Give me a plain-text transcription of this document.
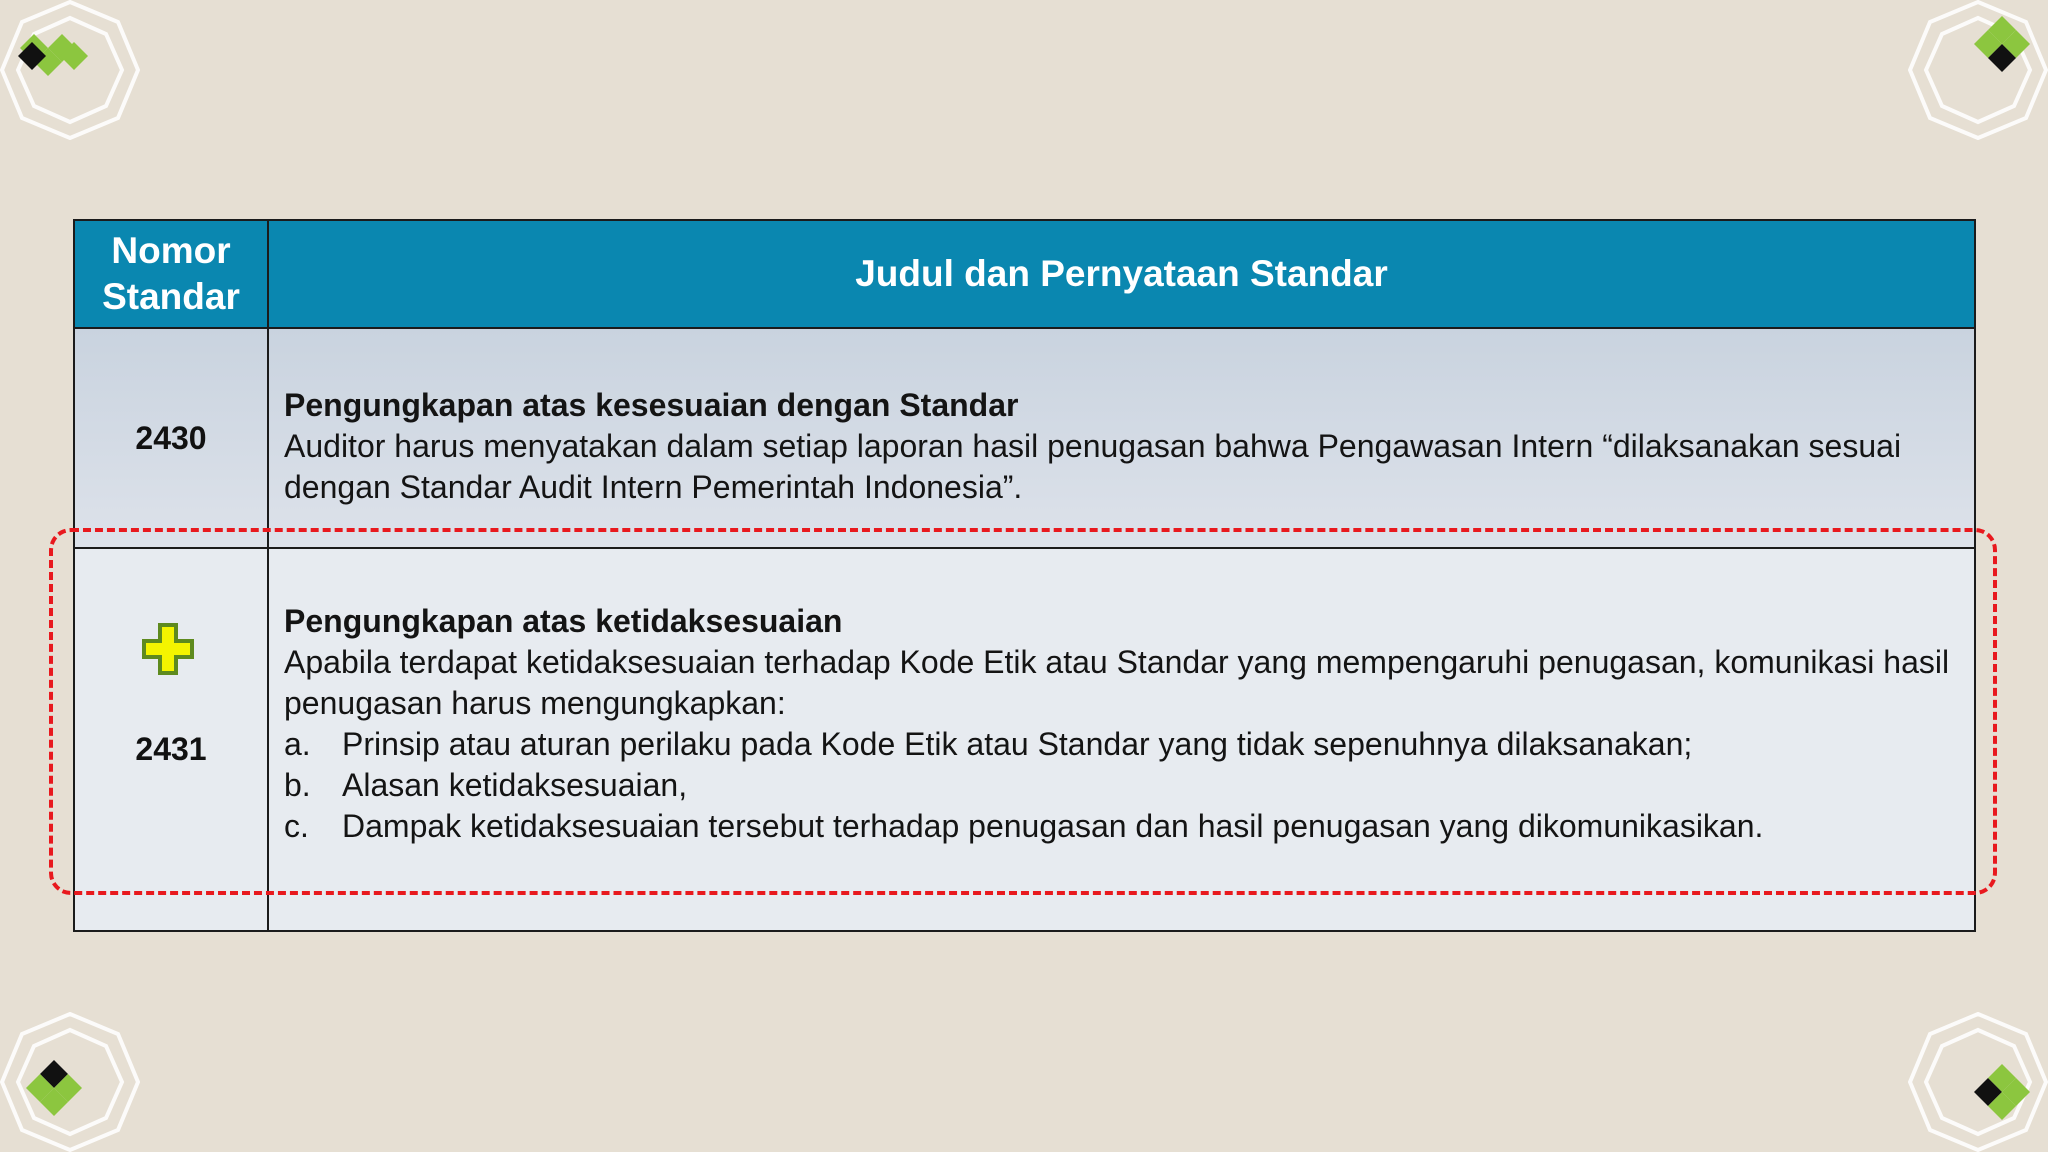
Nomor
Standar
Judul dan Pernyataan Standar
2430
Pengungkapan atas kesesuaian dengan Standar
Auditor harus menyatakan dalam setiap laporan hasil penugasan bahwa Pengawasan Intern “dilaksanakan sesuai dengan Standar Audit Intern Pemerintah Indonesia”.
2431
Pengungkapan atas ketidaksesuaian
Apabila terdapat ketidaksesuaian terhadap Kode Etik atau Standar yang mempengaruhi penugasan, komunikasi hasil penugasan harus mengungkapkan:
a. Prinsip atau aturan perilaku pada Kode Etik atau Standar yang tidak sepenuhnya dilaksanakan;
b. Alasan ketidaksesuaian,
c.	Dampak ketidaksesuaian tersebut terhadap penugasan dan hasil penugasan yang dikomunikasikan.
